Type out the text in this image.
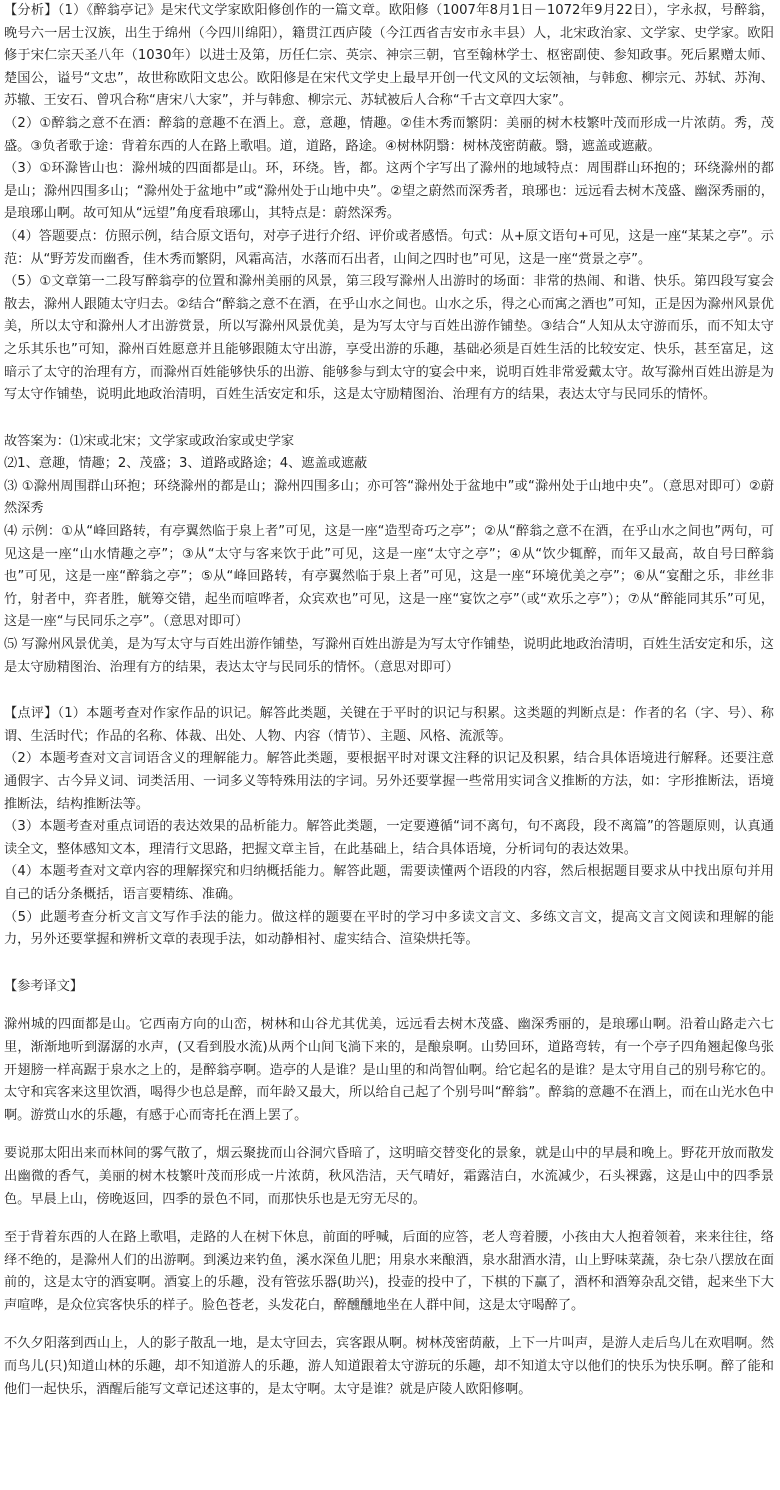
【分析】（1）《醉翁亭记》是宋代文学家欧阳修创作的一篇文章。欧阳修（1007年8月1日－1072年9月22日），字永叔，号醉翁，晚号六一居士汉族，出生于绵州（今四川绵阳），籍贯江西庐陵（今江西省吉安市永丰县）人，北宋政治家、文学家、史学家。欧阳修于宋仁宗天圣八年（1030年）以进士及第，历任仁宗、英宗、神宗三朝，官至翰林学士、枢密副使、参知政事。死后累赠太师、楚国公，谥号“文忠”，故世称欧阳文忠公。欧阳修是在宋代文学史上最早开创一代文风的文坛领袖，与韩愈、柳宗元、苏轼、苏洵、苏辙、王安石、曾巩合称“唐宋八大家”，并与韩愈、柳宗元、苏轼被后人合称“千古文章四大家”。

（2）①醉翁之意不在酒：醉翁的意趣不在酒上。意，意趣，情趣。②佳木秀而繁阴：美丽的树木枝繁叶茂而形成一片浓荫。秀，茂盛。③负者歌于途：背着东西的人在路上歌唱。道，道路，路途。④树林阴翳：树林茂密荫蔽。翳，遮盖或遮蔽。

（3）①环滁皆山也：滁州城的四面都是山。环，环绕。皆，都。这两个字写出了滁州的地域特点：周围群山环抱的；环绕滁州的都是山；滁州四围多山；“滁州处于盆地中”或“滁州处于山地中央”。②望之蔚然而深秀者，琅琊也：远远看去树木茂盛、幽深秀丽的，是琅琊山啊。故可知从“远望”角度看琅琊山，其特点是：蔚然深秀。

（4）答题要点：仿照示例，结合原文语句，对亭子进行介绍、评价或者感悟。句式：从+原文语句+可见，这是一座“某某之亭”。示范：从“野芳发而幽香，佳木秀而繁阴，风霜高洁，水落而石出者，山间之四时也”可见，这是一座“赏景之亭”。

（5）①文章第一二段写醉翁亭的位置和滁州美丽的风景，第三段写滁州人出游时的场面：非常的热闹、和谐、快乐。第四段写宴会散去，滁州人跟随太守归去。②结合“醉翁之意不在酒，在乎山水之间也。山水之乐，得之心而寓之酒也”可知，正是因为滁州风景优美，所以太守和滁州人才出游赏景，所以写滁州风景优美，是为写太守与百姓出游作铺垫。③结合“人知从太守游而乐，而不知太守之乐其乐也”可知，滁州百姓愿意并且能够跟随太守出游，享受出游的乐趣，基础必须是百姓生活的比较安定、快乐，甚至富足，这暗示了太守的治理有方，而滁州百姓能够快乐的出游、能够参与到太守的宴会中来，说明百姓非常爱戴太守。故写滁州百姓出游是为写太守作铺垫，说明此地政治清明，百姓生活安定和乐，这是太守励精图治、治理有方的结果，表达太守与民同乐的情怀。

故答案为：⑴宋或北宋；文学家或政治家或史学家

⑵1、意趣，情趣；2、茂盛；3、道路或路途；4、遮盖或遮蔽

⑶ ①滁州周围群山环抱；环绕滁州的都是山；滁州四围多山；亦可答“滁州处于盆地中”或“滁州处于山地中央”。（意思对即可）②蔚然深秀

⑷ 示例：①从“峰回路转，有亭翼然临于泉上者”可见，这是一座“造型奇巧之亭”；②从“醉翁之意不在酒，在乎山水之间也”两句，可见这是一座“山水情趣之亭”；③从“太守与客来饮于此”可见，这是一座“太守之亭”；④从“饮少辄醉，而年又最高，故自号曰醉翁也”可见，这是一座“醉翁之亭”；⑤从“峰回路转，有亭翼然临于泉上者”可见，这是一座“环境优美之亭”；⑥从“宴酣之乐，非丝非竹，射者中，弈者胜，觥筹交错，起坐而喧哗者，众宾欢也”可见，这是一座“宴饮之亭”（或“欢乐之亭”）；⑦从“醉能同其乐”可见，这是一座“与民同乐之亭”。（意思对即可）

⑸ 写滁州风景优美，是为写太守与百姓出游作铺垫，写滁州百姓出游是为写太守作铺垫，说明此地政治清明，百姓生活安定和乐，这是太守励精图治、治理有方的结果，表达太守与民同乐的情怀。（意思对即可）

【点评】（1）本题考查对作家作品的识记。解答此类题，关键在于平时的识记与积累。这类题的判断点是：作者的名（字、号）、称谓、生活时代；作品的名称、体裁、出处、人物、内容（情节）、主题、风格、流派等。

（2）本题考查对文言词语含义的理解能力。解答此类题，要根据平时对课文注释的识记及积累，结合具体语境进行解释。还要注意通假字、古今异义词、词类活用、一词多义等特殊用法的字词。另外还要掌握一些常用实词含义推断的方法，如：字形推断法，语境推断法，结构推断法等。

（3）本题考查对重点词语的表达效果的品析能力。解答此类题，一定要遵循“词不离句，句不离段，段不离篇”的答题原则，认真通读全文，整体感知文本，理清行文思路，把握文章主旨，在此基础上，结合具体语境，分析词句的表达效果。

（4）本题考查对文章内容的理解探究和归纳概括能力。解答此题，需要读懂两个语段的内容，然后根据题目要求从中找出原句并用自己的话分条概括，语言要精练、准确。

（5）此题考查分析文言文写作手法的能力。做这样的题要在平时的学习中多读文言文、多练文言文，提高文言文阅读和理解的能力，另外还要掌握和辨析文章的表现手法，如动静相衬、虚实结合、渲染烘托等。

【参考译文】

滁州城的四面都是山。它西南方向的山峦，树林和山谷尤其优美，远远看去树木茂盛、幽深秀丽的，是琅琊山啊。沿着山路走六七里，渐渐地听到潺潺的水声，(又看到股水流)从两个山间飞淌下来的，是酿泉啊。山势回环，道路弯转，有一个亭子四角翘起像鸟张开翅膀一样高踞于泉水之上的，是醉翁亭啊。造亭的人是谁？是山里的和尚智仙啊。给它起名的是谁？是太守用自己的别号称它的。太守和宾客来这里饮酒，喝得少也总是醉，而年龄又最大，所以给自己起了个别号叫“醉翁”。醉翁的意趣不在酒上，而在山光水色中啊。游赏山水的乐趣，有感于心而寄托在酒上罢了。

要说那太阳出来而林间的雾气散了，烟云聚拢而山谷洞穴昏暗了，这明暗交替变化的景象，就是山中的早晨和晚上。野花开放而散发出幽微的香气，美丽的树木枝繁叶茂而形成一片浓荫，秋风浩洁，天气晴好，霜露洁白，水流减少，石头裸露，这是山中的四季景色。早晨上山，傍晚返回，四季的景色不同，而那快乐也是无穷无尽的。

至于背着东西的人在路上歌唱，走路的人在树下休息，前面的呼喊，后面的应答，老人弯着腰，小孩由大人抱着领着，来来往往，络绎不绝的，是滁州人们的出游啊。到溪边来钓鱼，溪水深鱼儿肥；用泉水来酿酒，泉水甜酒水清，山上野味菜蔬，杂七杂八摆放在面前的，这是太守的酒宴啊。酒宴上的乐趣，没有管弦乐器(助兴)，投壶的投中了，下棋的下赢了，酒杯和酒筹杂乱交错，起来坐下大声喧哗，是众位宾客快乐的样子。脸色苍老，头发花白，醉醺醺地坐在人群中间，这是太守喝醉了。

不久夕阳落到西山上，人的影子散乱一地，是太守回去，宾客跟从啊。树林茂密荫蔽，上下一片叫声，是游人走后鸟儿在欢唱啊。然而鸟儿(只)知道山林的乐趣，却不知道游人的乐趣，游人知道跟着太守游玩的乐趣，却不知道太守以他们的快乐为快乐啊。醉了能和他们一起快乐，酒醒后能写文章记述这事的，是太守啊。太守是谁？就是庐陵人欧阳修啊。
